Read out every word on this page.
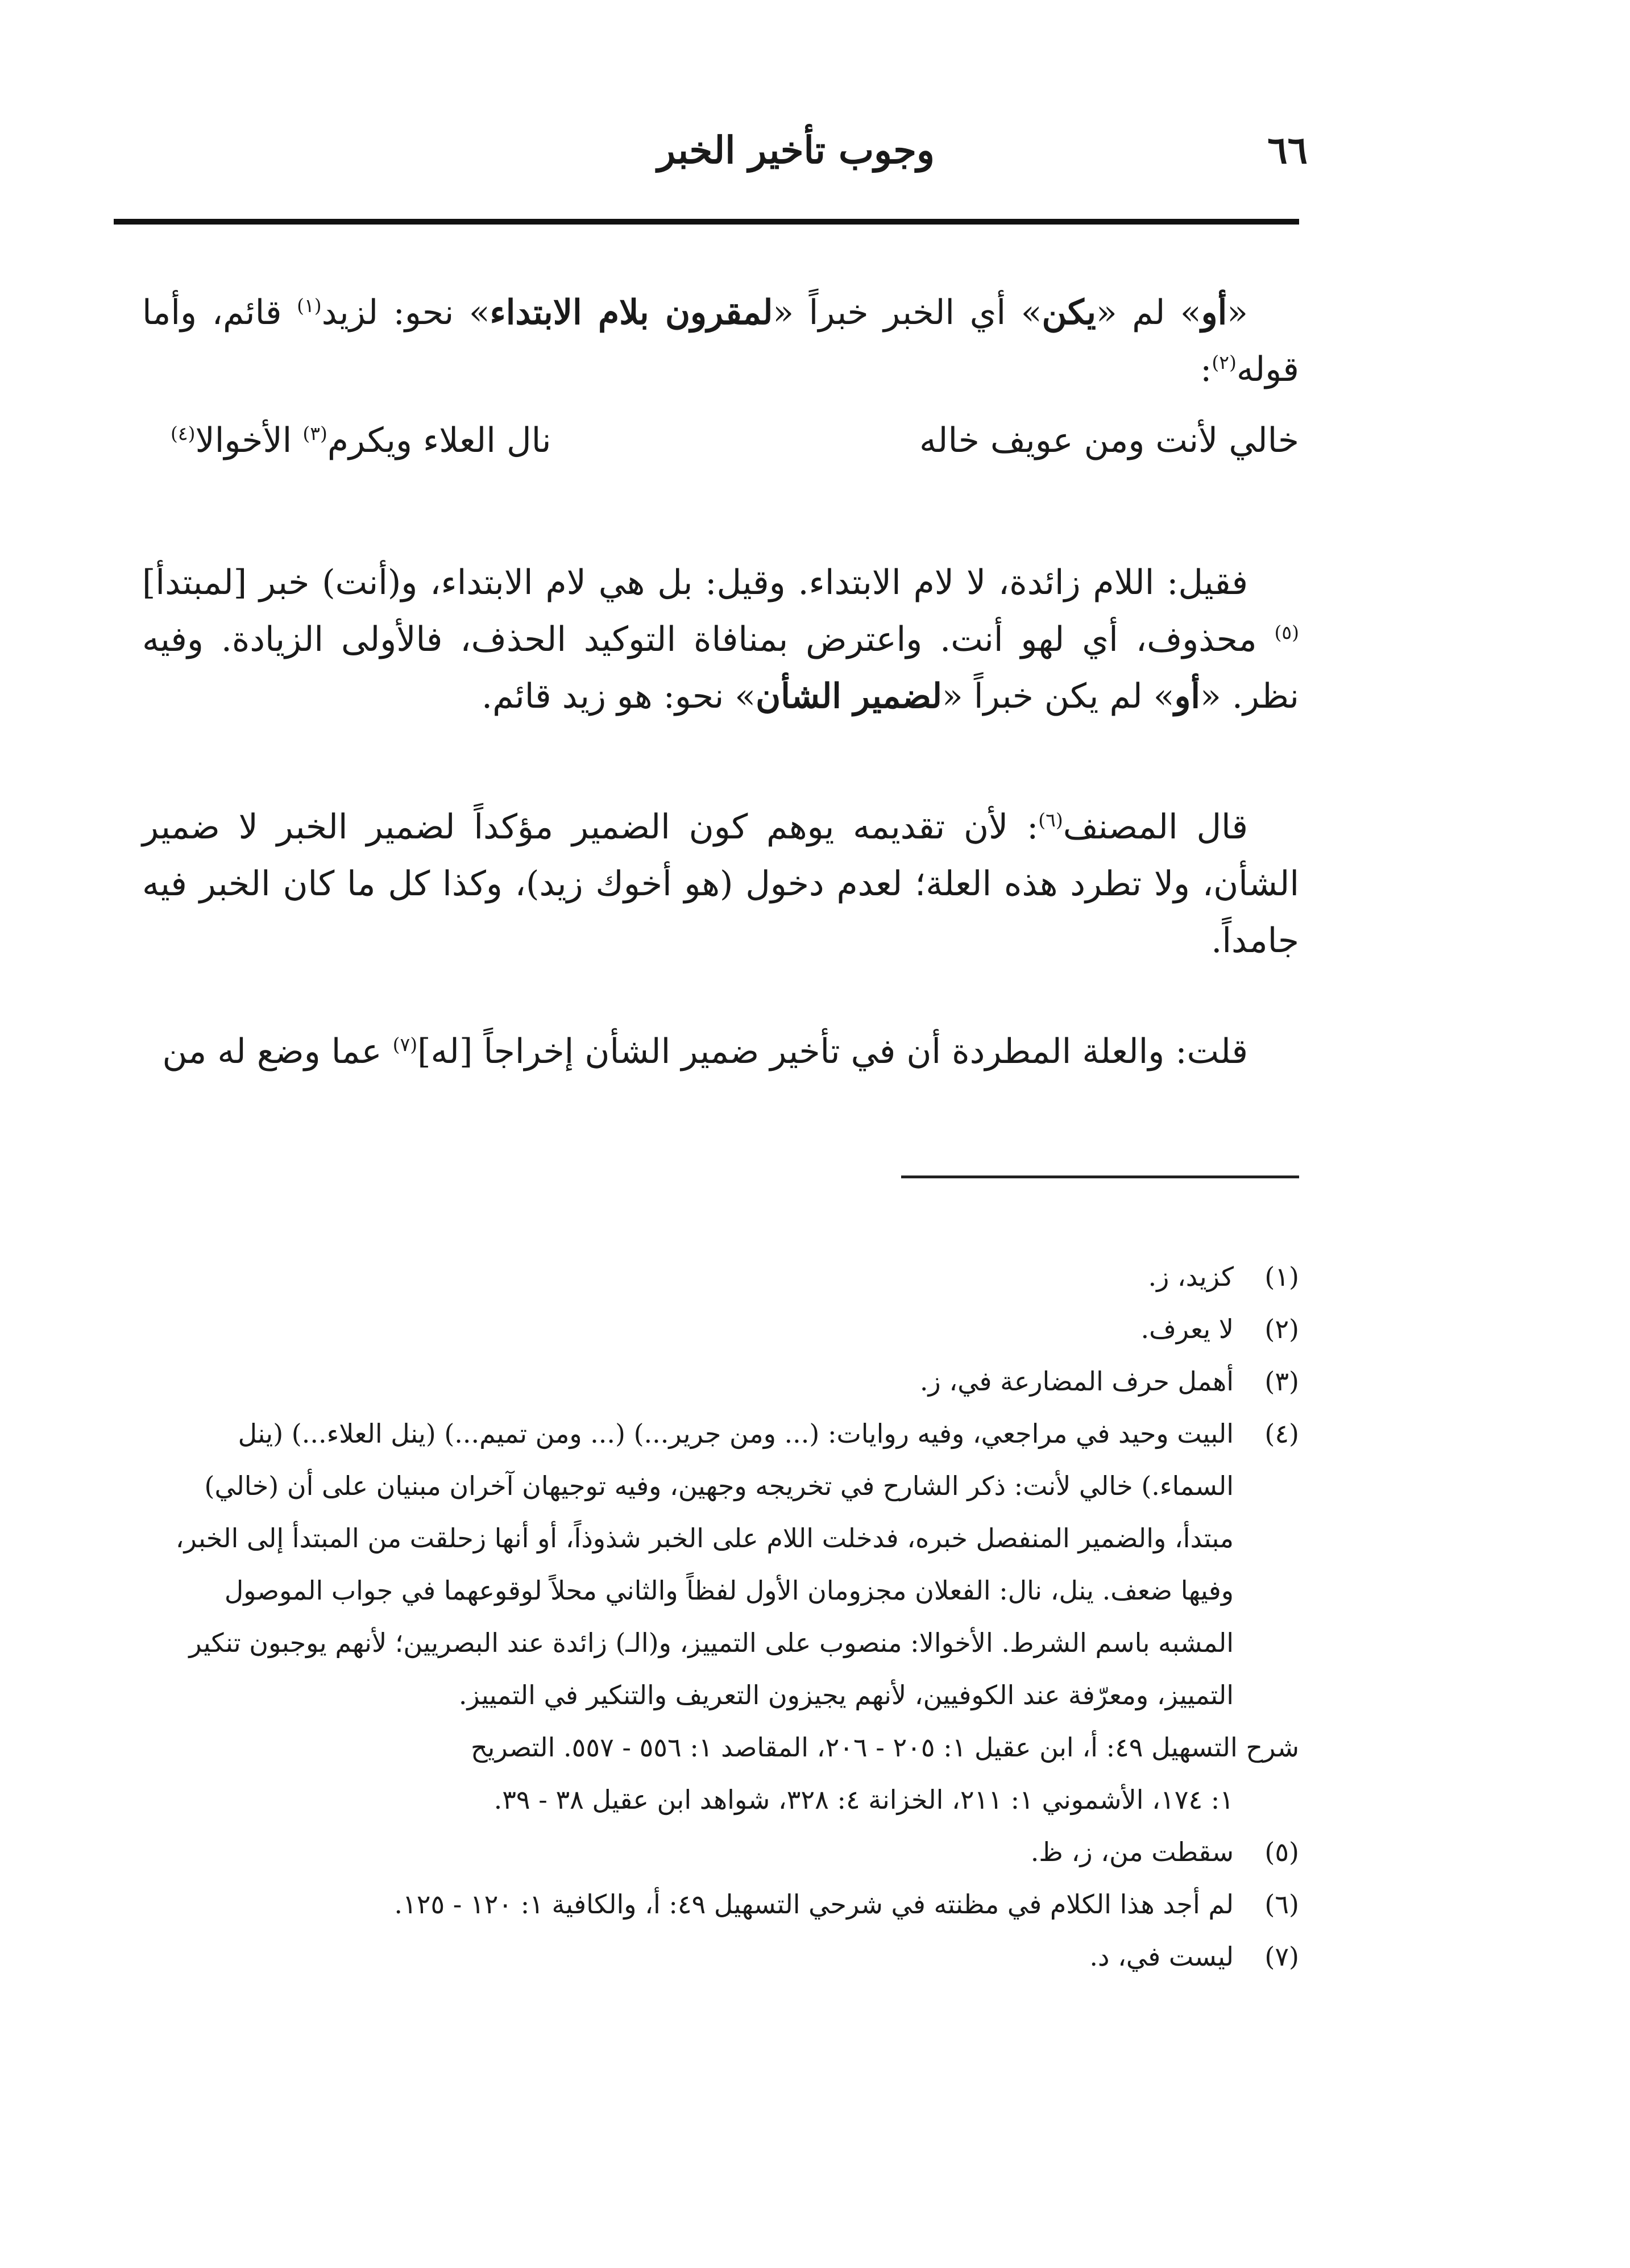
٦٦
وجوب تأخير الخبر

«أو» لم «يكن» أي الخبر خبراً «لمقرون بلام الابتداء» نحو: لزيد$^{(١)}$ قائم، وأما قوله$^{(٢)}$:

خالي لأنت ومن عويف خاله
نال العلاء ويكرم$^{(٣)}$ الأخوالا$^{(٤)}$

فقيل: اللام زائدة، لا لام الابتداء. وقيل: بل هي لام الابتداء، و(أنت) خبر [لمبتدأ]$^{(٥)}$ محذوف، أي لهو أنت. واعترض بمنافاة التوكيد الحذف، فالأولى الزيادة. وفيه نظر. «أو» لم يكن خبراً «لضمير الشأن» نحو: هو زيد قائم.

قال المصنف$^{(٦)}$: لأن تقديمه يوهم كون الضمير مؤكداً لضمير الخبر لا ضمير الشأن، ولا تطرد هذه العلة؛ لعدم دخول (هو أخوك زيد)، وكذا كل ما كان الخبر فيه جامداً.

قلت: والعلة المطردة أن في تأخير ضمير الشأن إخراجاً [له]$^{(٧)}$ عما وضع له من

(١)
كزيد، ز.
(٢)
لا يعرف.
(٣)
أهمل حرف المضارعة في، ز.
(٤)
البيت وحيد في مراجعي، وفيه روايات: (... ومن جرير...) (... ومن تميم...) (ينل العلاء...) (ينل السماء.) خالي لأنت: ذكر الشارح في تخريجه وجهين، وفيه توجيهان آخران مبنيان على أن (خالي) مبتدأ، والضمير المنفصل خبره، فدخلت اللام على الخبر شذوذاً، أو أنها زحلقت من المبتدأ إلى الخبر، وفيها ضعف. ينل، نال: الفعلان مجزومان الأول لفظاً والثاني محلاً لوقوعهما في جواب الموصول المشبه باسم الشرط. الأخوالا: منصوب على التمييز، و(الـ) زائدة عند البصريين؛ لأنهم يوجبون تنكير التمييز، ومعرّفة عند الكوفيين، لأنهم يجيزون التعريف والتنكير في التمييز.
شرح التسهيل ٤٩: أ، ابن عقيل ١: ٢٠٥ - ٢٠٦، المقاصد ١: ٥٥٦ - ٥٥٧. التصريح
١: ١٧٤، الأشموني ١: ٢١١، الخزانة ٤: ٣٢٨، شواهد ابن عقيل ٣٨ - ٣٩.
(٥)
سقطت من، ز، ظ.
(٦)
لم أجد هذا الكلام في مظنته في شرحي التسهيل ٤٩: أ، والكافية ١: ١٢٠ - ١٢٥.
(٧)
ليست في، د.
